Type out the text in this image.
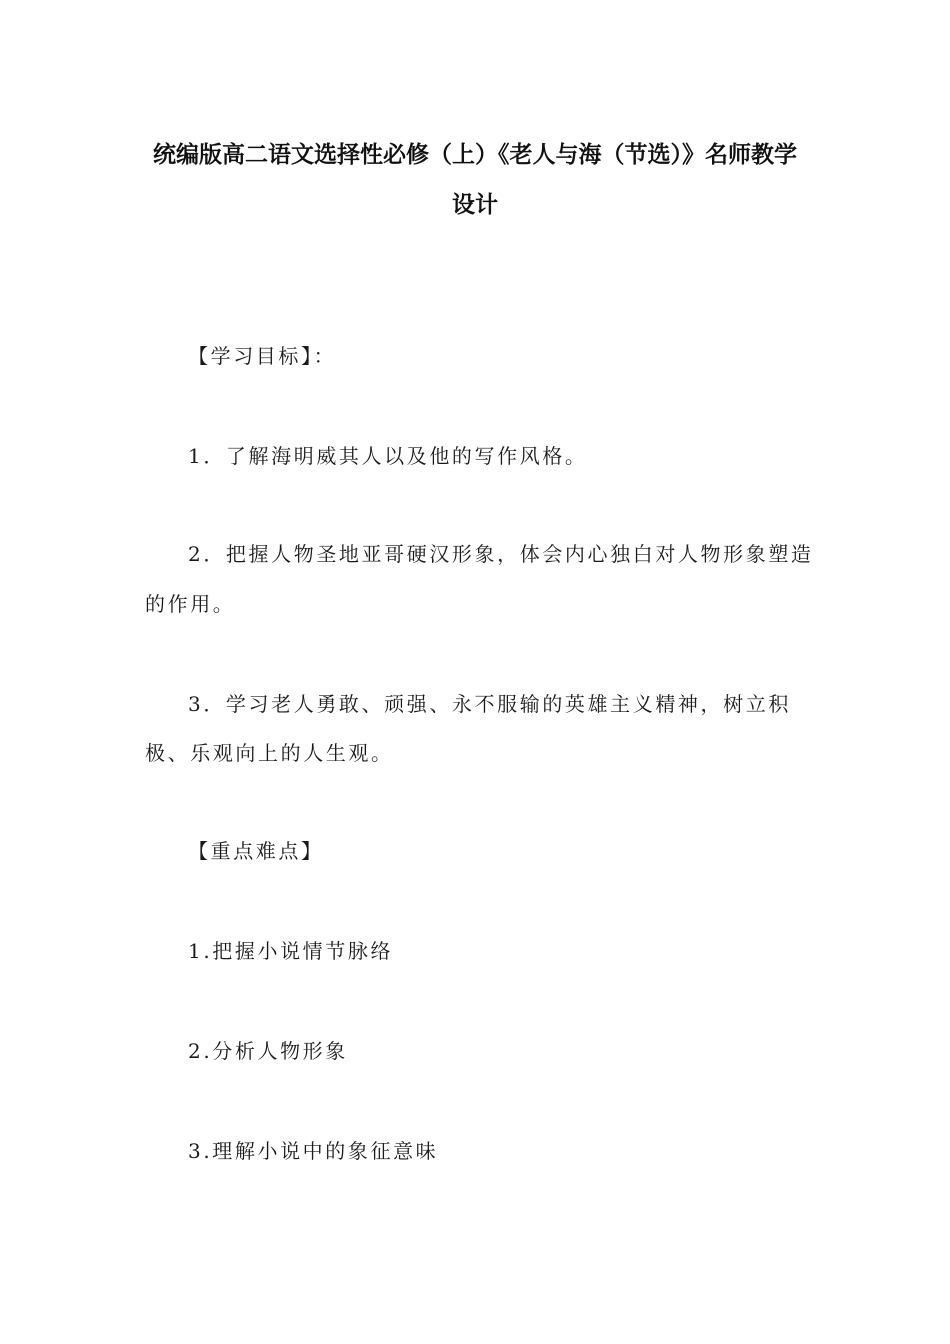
统编版高二语文选择性必修（上）《老人与海（节选）》名师教学
设计
【学习目标】：
1．了解海明威其人以及他的写作风格。
2．把握人物圣地亚哥硬汉形象，体会内心独白对人物形象塑造
的作用。
3．学习老人勇敢、顽强、永不服输的英雄主义精神，树立积
极、乐观向上的人生观。
【重点难点】
1.把握小说情节脉络
2.分析人物形象
3.理解小说中的象征意味
